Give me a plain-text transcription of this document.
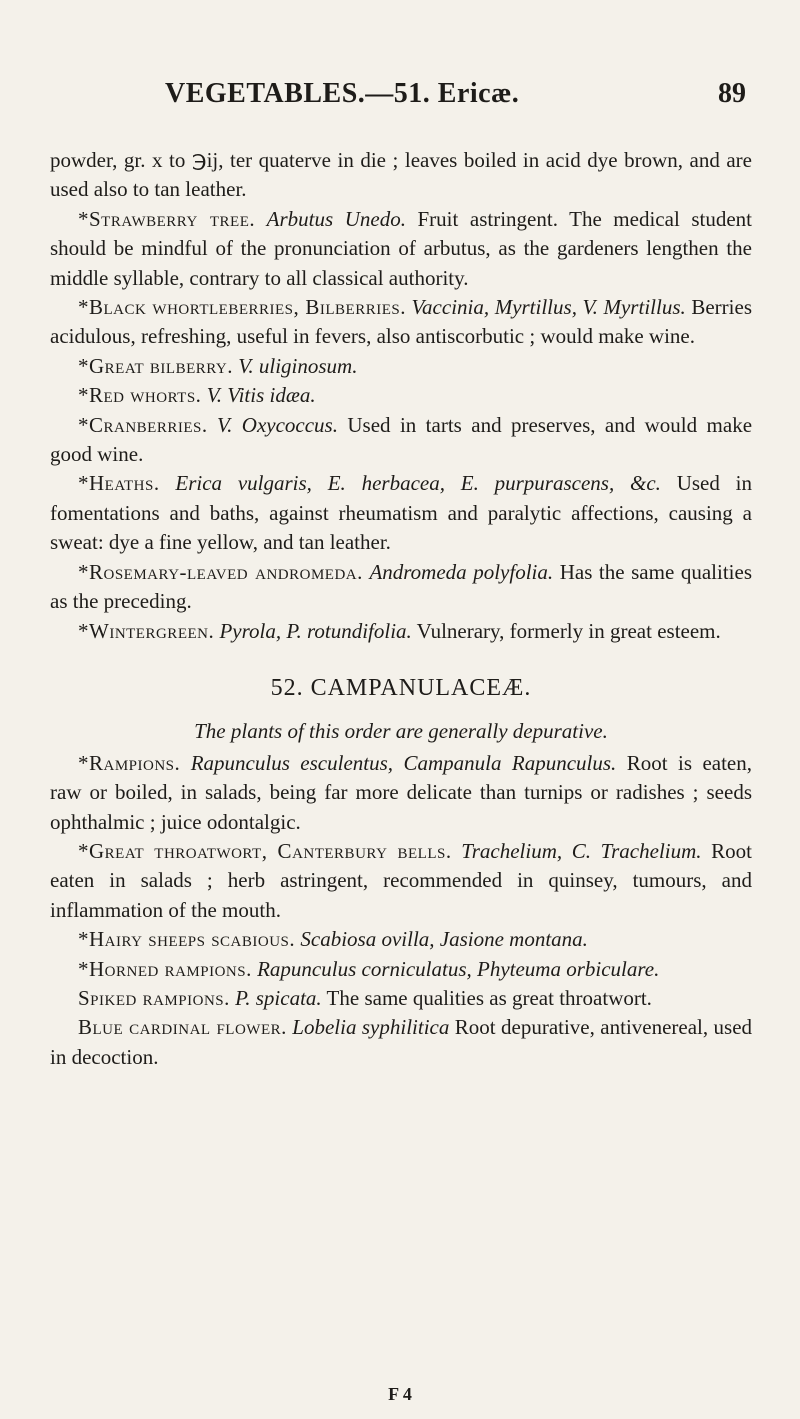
VEGETABLES.—51. Ericæ.	89

powder, gr. x to ℈ij, ter quaterve in die ; leaves boiled in acid dye brown, and are used also to tan leather.

*Strawberry tree. Arbutus Unedo. Fruit astringent. The medical student should be mindful of the pronunciation of arbutus, as the gardeners lengthen the middle syllable, contrary to all classical authority.

*Black whortleberries, Bilberries. Vaccinia, Myrtillus, V. Myrtillus. Berries acidulous, refreshing, useful in fevers, also antiscorbutic ; would make wine.

*Great bilberry. V. uliginosum.

*Red whorts. V. Vitis idæa.

*Cranberries. V. Oxycoccus. Used in tarts and preserves, and would make good wine.

*Heaths. Erica vulgaris, E. herbacea, E. purpurascens, &c. Used in fomentations and baths, against rheumatism and paralytic affections, causing a sweat: dye a fine yellow, and tan leather.

*Rosemary-leaved andromeda. Andromeda polyfolia. Has the same qualities as the preceding.

*Wintergreen. Pyrola, P. rotundifolia. Vulnerary, formerly in great esteem.

52. CAMPANULACEÆ.

The plants of this order are generally depurative.

*Rampions. Rapunculus esculentus, Campanula Rapunculus. Root is eaten, raw or boiled, in salads, being far more delicate than turnips or radishes ; seeds ophthalmic ; juice odontalgic.

*Great throatwort, Canterbury bells. Trachelium, C. Trachelium. Root eaten in salads ; herb astringent, recommended in quinsey, tumours, and inflammation of the mouth.

*Hairy sheeps scabious. Scabiosa ovilla, Jasione montana.

*Horned rampions. Rapunculus corniculatus, Phyteuma orbiculare.

Spiked rampions. P. spicata. The same qualities as great throatwort.

Blue cardinal flower. Lobelia syphilitica Root depurative, antivenereal, used in decoction.

F 4
